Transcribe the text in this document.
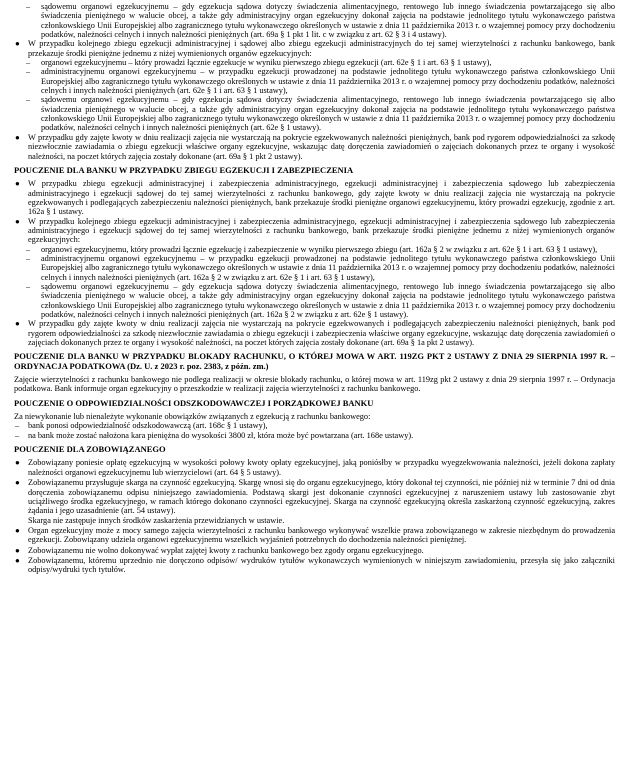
– sądowemu organowi egzekucyjnemu – gdy egzekucja sądowa dotyczy świadczenia alimentacyjnego, rentowego lub innego świadczenia powtarzającego się albo świadczenia pieniężnego w walucie obcej, a także gdy administracyjny organ egzekucyjny dokonał zajęcia na podstawie jednolitego tytułu wykonawczego państwa członkowskiego Unii Europejskiej albo zagranicznego tytułu wykonawczego określonych w ustawie z dnia 11 października 2013 r. o wzajemnej pomocy przy dochodzeniu podatków, należności celnych i innych należności pieniężnych (art. 69a § 1 pkt 1 lit. c w związku z art. 62 § 3 i 4 ustawy).
● W przypadku kolejnego zbiegu egzekucji administracyjnej i sądowej albo zbiegu egzekucji administracyjnych do tej samej wierzytelności z rachunku bankowego, bank przekazuje środki pieniężne jednemu z niżej wymienionych organów egzekucyjnych:
– organowi egzekucyjnemu – który prowadzi łącznie egzekucje w wyniku pierwszego zbiegu egzekucji (art. 62e § 1 i art. 63 § 1 ustawy),
– administracyjnemu organowi egzekucyjnemu – w przypadku egzekucji prowadzonej na podstawie jednolitego tytułu wykonawczego państwa członkowskiego Unii Europejskiej albo zagranicznego tytułu wykonawczego określonych w ustawie z dnia 11 października 2013 r. o wzajemnej pomocy przy dochodzeniu podatków, należności celnych i innych należności pieniężnych (art. 62e § 1 i art. 63 § 1 ustawy),
– sądowemu organowi egzekucyjnemu – gdy egzekucja sądowa dotyczy świadczenia alimentacyjnego, rentowego lub innego świadczenia powtarzającego się albo świadczenia pieniężnego w walucie obcej, a także gdy administracyjny organ egzekucyjny dokonał zajęcia na podstawie jednolitego tytułu wykonawczego państwa członkowskiego Unii Europejskiej albo zagranicznego tytułu wykonawczego określonych w ustawie z dnia 11 października 2013 r. o wzajemnej pomocy przy dochodzeniu podatków, należności celnych i innych należności pieniężnych (art. 62e § 1 ustawy).
● W przypadku gdy zajęte kwoty w dniu realizacji zajęcia nie wystarczają na pokrycie egzekwowanych należności pieniężnych, bank pod rygorem odpowiedzialności za szkodę niezwłocznie zawiadamia o zbiegu egzekucji właściwe organy egzekucyjne, wskazując datę doręczenia zawiadomień o zajęciach dokonanych przez te organy i wysokość należności, na poczet których zajęcia zostały dokonane (art. 69a § 1 pkt 2 ustawy).
POUCZENIE DLA BANKU W PRZYPADKU ZBIEGU EGZEKUCJI I ZABEZPIECZENIA
● W przypadku zbiegu egzekucji administracyjnej i zabezpieczenia administracyjnego, egzekucji administracyjnej i zabezpieczenia sądowego lub zabezpieczenia administracyjnego i egzekucji sądowej do tej samej wierzytelności z rachunku bankowego, gdy zajęte kwoty w dniu realizacji zajęcia nie wystarczają na pokrycie egzekwowanych i podlegających zabezpieczeniu należności pieniężnych, bank przekazuje środki pieniężne organowi egzekucyjnemu, który prowadzi egzekucję, zgodnie z art. 162a § 1 ustawy.
● W przypadku kolejnego zbiegu egzekucji administracyjnej i zabezpieczenia administracyjnego, egzekucji administracyjnej i zabezpieczenia sądowego lub zabezpieczenia administracyjnego i egzekucji sądowej do tej samej wierzytelności z rachunku bankowego, bank przekazuje środki pieniężne jednemu z niżej wymienionych organów egzekucyjnych:
– organowi egzekucyjnemu, który prowadzi łącznie egzekucję i zabezpieczenie w wyniku pierwszego zbiegu (art. 162a § 2 w związku z art. 62e § 1 i art. 63 § 1 ustawy),
– administracyjnemu organowi egzekucyjnemu – w przypadku egzekucji prowadzonej na podstawie jednolitego tytułu wykonawczego państwa członkowskiego Unii Europejskiej albo zagranicznego tytułu wykonawczego określonych w ustawie z dnia 11 października 2013 r. o wzajemnej pomocy przy dochodzeniu podatków, należności celnych i innych należności pieniężnych (art. 162a § 2 w związku z art. 62e § 1 i art. 63 § 1 ustawy),
– sądowemu organowi egzekucyjnemu – gdy egzekucja sądowa dotyczy świadczenia alimentacyjnego, rentowego lub innego świadczenia powtarzającego się albo świadczenia pieniężnego w walucie obcej, a także gdy administracyjny organ egzekucyjny dokonał zajęcia na podstawie jednolitego tytułu wykonawczego państwa członkowskiego Unii Europejskiej albo zagranicznego tytułu wykonawczego określonych w ustawie z dnia 11 października 2013 r. o wzajemnej pomocy przy dochodzeniu podatków, należności celnych i innych należności pieniężnych (art. 162a § 2 w związku z art. 62e § 1 ustawy).
● W przypadku gdy zajęte kwoty w dniu realizacji zajęcia nie wystarczają na pokrycie egzekwowanych i podlegających zabezpieczeniu należności pieniężnych, bank pod rygorem odpowiedzialności za szkodę niezwłocznie zawiadamia o zbiegu egzekucji i zabezpieczenia właściwe organy egzekucyjne, wskazując datę doręczenia zawiadomień o zajęciach dokonanych przez te organy i wysokość należności, na poczet których zajęcia zostały dokonane (art. 69a § 1a pkt 2 ustawy).
POUCZENIE DLA BANKU W PRZYPADKU BLOKADY RACHUNKU, O KTÓREJ MOWA W ART. 119ZG PKT 2 USTAWY Z DNIA 29 SIERPNIA 1997 R. – ORDYNACJA PODATKOWA (Dz. U. z 2023 r. poz. 2383, z późn. zm.)

Zajęcie wierzytelności z rachunku bankowego nie podlega realizacji w okresie blokady rachunku, o której mowa w art. 119zg pkt 2 ustawy z dnia 29 sierpnia 1997 r. – Ordynacja podatkowa. Bank informuje organ egzekucyjny o przeszkodzie w realizacji zajęcia wierzytelności z rachunku bankowego.

POUCZENIE O ODPOWIEDZIALNOŚCI ODSZKODOWAWCZEJ I PORZĄDKOWEJ BANKU

Za niewykonanie lub nienależyte wykonanie obowiązków związanych z egzekucją z rachunku bankowego:

– bank ponosi odpowiedzialność odszkodowawczą (art. 168c § 1 ustawy),
– na bank może zostać nałożona kara pieniężna do wysokości 3800 zł, która może być powtarzana (art. 168e ustawy).
POUCZENIE DLA ZOBOWIĄZANEGO
● Zobowiązany poniesie opłatę egzekucyjną w wysokości połowy kwoty opłaty egzekucyjnej, jaką poniósłby w przypadku wyegzekwowania należności, jeżeli dokona zapłaty należności organowi egzekucyjnemu lub wierzycielowi (art. 64 § 5 ustawy).
● Zobowiązanemu przysługuje skarga na czynność egzekucyjną. Skargę wnosi się do organu egzekucyjnego, który dokonał tej czynności, nie później niż w terminie 7 dni od dnia doręczenia zobowiązanemu odpisu niniejszego zawiadomienia. Podstawą skargi jest dokonanie czynności egzekucyjnej z naruszeniem ustawy lub zastosowanie zbyt uciążliwego środka egzekucyjnego, w ramach którego dokonano czynności egzekucyjnej. Skarga na czynność egzekucyjną określa zaskarżoną czynność egzekucyjną, zakres żądania i jego uzasadnienie (art. 54 ustawy).

Skarga nie zastępuje innych środków zaskarżenia przewidzianych w ustawie.

● Organ egzekucyjny może z mocy samego zajęcia wierzytelności z rachunku bankowego wykonywać wszelkie prawa zobowiązanego w zakresie niezbędnym do prowadzenia egzekucji. Zobowiązany udziela organowi egzekucyjnemu wszelkich wyjaśnień potrzebnych do dochodzenia należności pieniężnej.
● Zobowiązanemu nie wolno dokonywać wypłat zajętej kwoty z rachunku bankowego bez zgody organu egzekucyjnego.
● Zobowiązanemu, któremu uprzednio nie doręczono odpisów/ wydruków tytułów wykonawczych wymienionych w niniejszym zawiadomieniu, przesyła się jako załączniki odpisy/wydruki tych tytułów.
